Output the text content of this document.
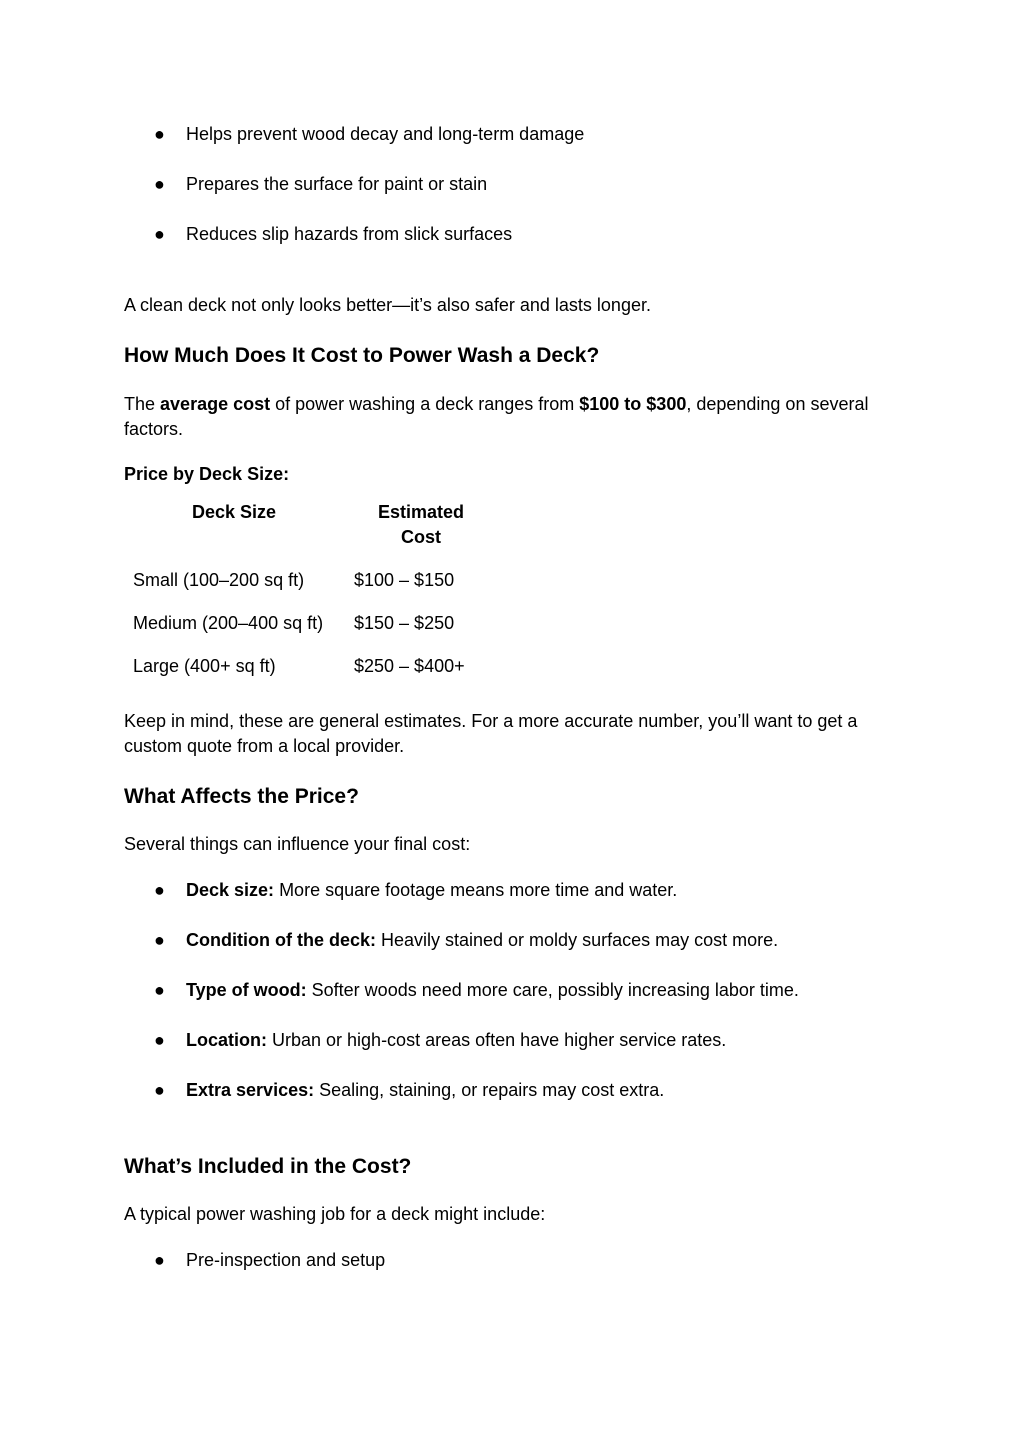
●	Helps prevent wood decay and long-term damage
●	Prepares the surface for paint or stain
●	Reduces slip hazards from slick surfaces

A clean deck not only looks better—it’s also safer and lasts longer.

How Much Does It Cost to Power Wash a Deck?

The average cost of power washing a deck ranges from $100 to $300, depending on several factors.

Price by Deck Size:

Deck Size	Estimated
Cost
Small (100–200 sq ft)	$100 – $150
Medium (200–400 sq ft) $150 – $250
Large (400+ sq ft)	$250 – $400+

Keep in mind, these are general estimates. For a more accurate number, you’ll want to get a custom quote from a local provider.

What Affects the Price?

Several things can influence your final cost:

●	Deck size: More square footage means more time and water.
●	Condition of the deck: Heavily stained or moldy surfaces may cost more.
●	Type of wood: Softer woods need more care, possibly increasing labor time.
●	Location: Urban or high-cost areas often have higher service rates.
●	Extra services: Sealing, staining, or repairs may cost extra.
What’s Included in the Cost?

A typical power washing job for a deck might include:

●	Pre-inspection and setup
